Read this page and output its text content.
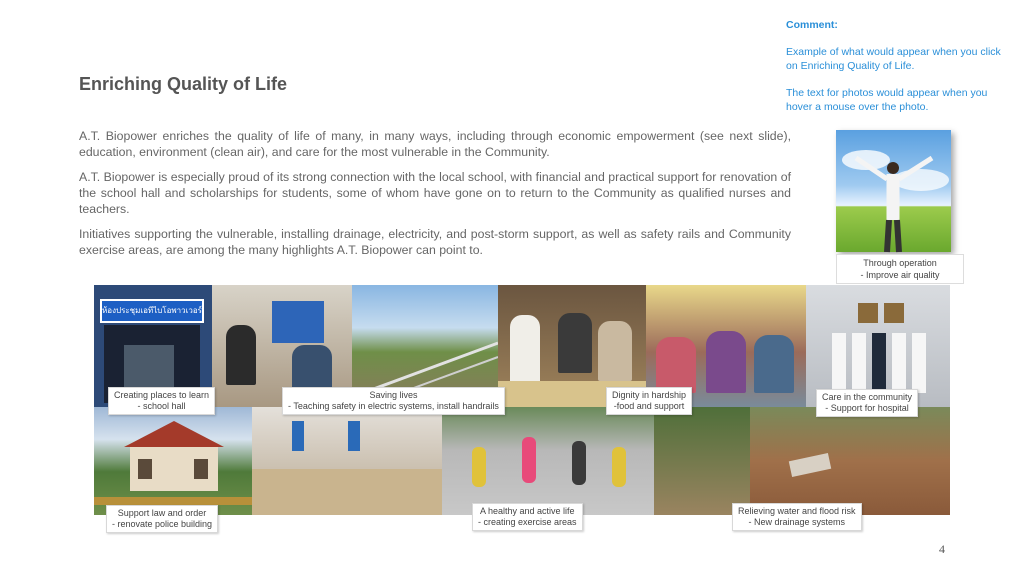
Comment:

Example of what would appear when you click on Enriching Quality of Life.

The text for photos would appear when you hover a mouse over the photo.

Enriching Quality of Life

A.T. Biopower enriches the quality of life of many, in many ways, including through economic empowerment (see next slide), education, environment (clean air), and care for the most vulnerable in the Community.

A.T. Biopower is especially proud of its strong connection with the local school, with financial and practical support for renovation of the school hall and scholarships for students, some of whom have gone on to return to the Community as qualified nurses and teachers.

Initiatives supporting the vulnerable, installing drainage, electricity, and post-storm support, as well as safety rails and Community exercise areas, are among the many highlights A.T. Biopower can point to.

Through operation
- Improve air quality
ห้องประชุมเอทีไบโอพาวเวอร์
Creating places to learn
- school hall
Saving lives
- Teaching safety in electric systems, install handrails
Dignity in hardship
-food and support
Care in the community
- Support for hospital
Support law and order
- renovate police building
A healthy and active life
- creating exercise areas
Relieving water and flood risk
- New drainage systems
4
